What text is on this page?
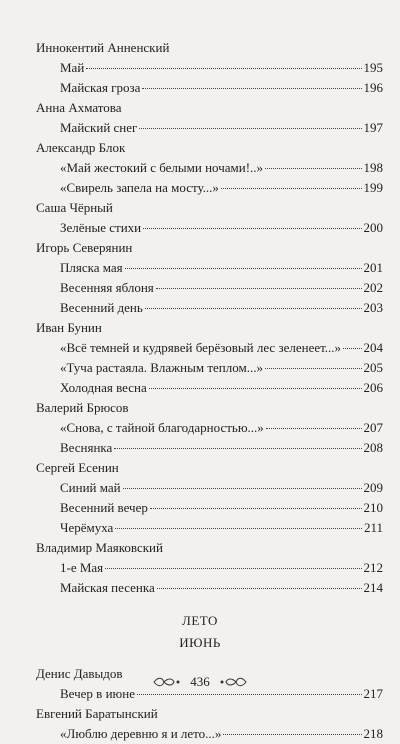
Иннокентий Анненский
Май	195
Майская гроза	196
Анна Ахматова
Майский снег	197
Александр Блок
«Май жестокий с белыми ночами!..»	198
«Свирель запела на мосту...»	199
Саша Чёрный
Зелёные стихи	200
Игорь Северянин
Пляска мая	201
Весенняя яблоня	202
Весенний день	203
Иван Бунин
«Всё темней и кудрявей берёзовый лес зеленеет...» 204
«Туча растаяла. Влажным теплом...»	205
Холодная весна	206
Валерий Брюсов
«Снова, с тайной благодарностью...»	207
Веснянка	208
Сергей Есенин
Синий май	209
Весенний вечер	210
Черёмуха	211
Владимир Маяковский
1-е Мая	212
Майская песенка	214
ЛЕТО
ИЮНЬ
Денис Давыдов
Вечер в июне	217
Евгений Баратынский
«Люблю деревню я и лето...»	218
436
